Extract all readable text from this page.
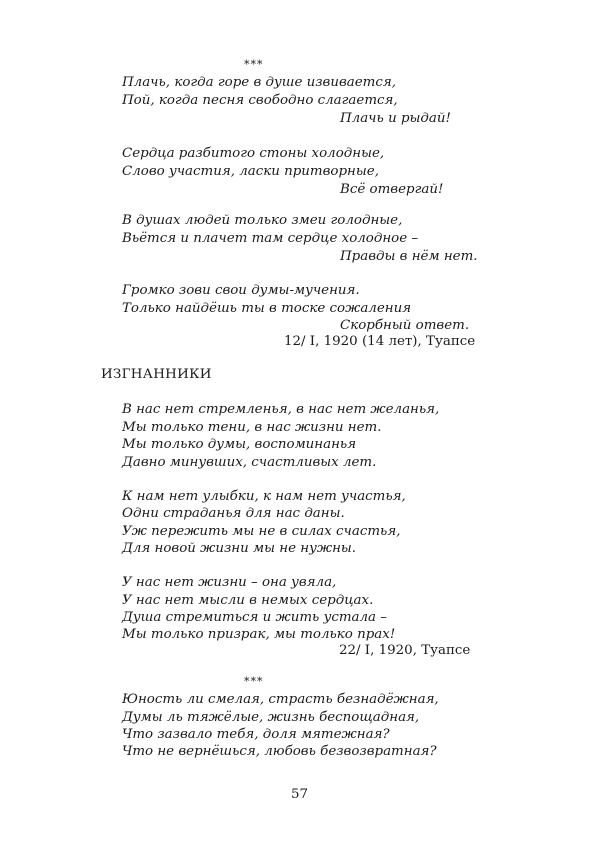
***
Плачь, когда горе в душе извивается,
Пой, когда песня свободно слагается,
Плачь и рыдай!
Сердца разбитого стоны холодные,
Слово участия, ласки притворные,
Всё отвергай!
В душах людей только змеи голодные,
Вьётся и плачет там сердце холодное –
Правды в нём нет.
Громко зови свои думы-мучения.
Только найдёшь ты в тоске сожаления
Скорбный ответ.
12/ I, 1920 (14 лет), Туапсе
ИЗГНАННИКИ
В нас нет стремленья, в нас нет желанья,
Мы только тени, в нас жизни нет.
Мы только думы, воспоминанья
Давно минувших, счастливых лет.
К нам нет улыбки, к нам нет участья,
Одни страданья для нас даны.
Уж пережить мы не в силах счастья,
Для новой жизни мы не нужны.
У нас нет жизни – она увяла,
У нас нет мысли в немых сердцах.
Душа стремиться и жить устала –
Мы только призрак, мы только прах!
22/ I, 1920, Туапсе
***
Юность ли смелая, страсть безнадёжная,
Думы ль тяжёлые, жизнь беспощадная,
Что зазвало тебя, доля мятежная?
Что не вернёшься, любовь безвозвратная?
57
